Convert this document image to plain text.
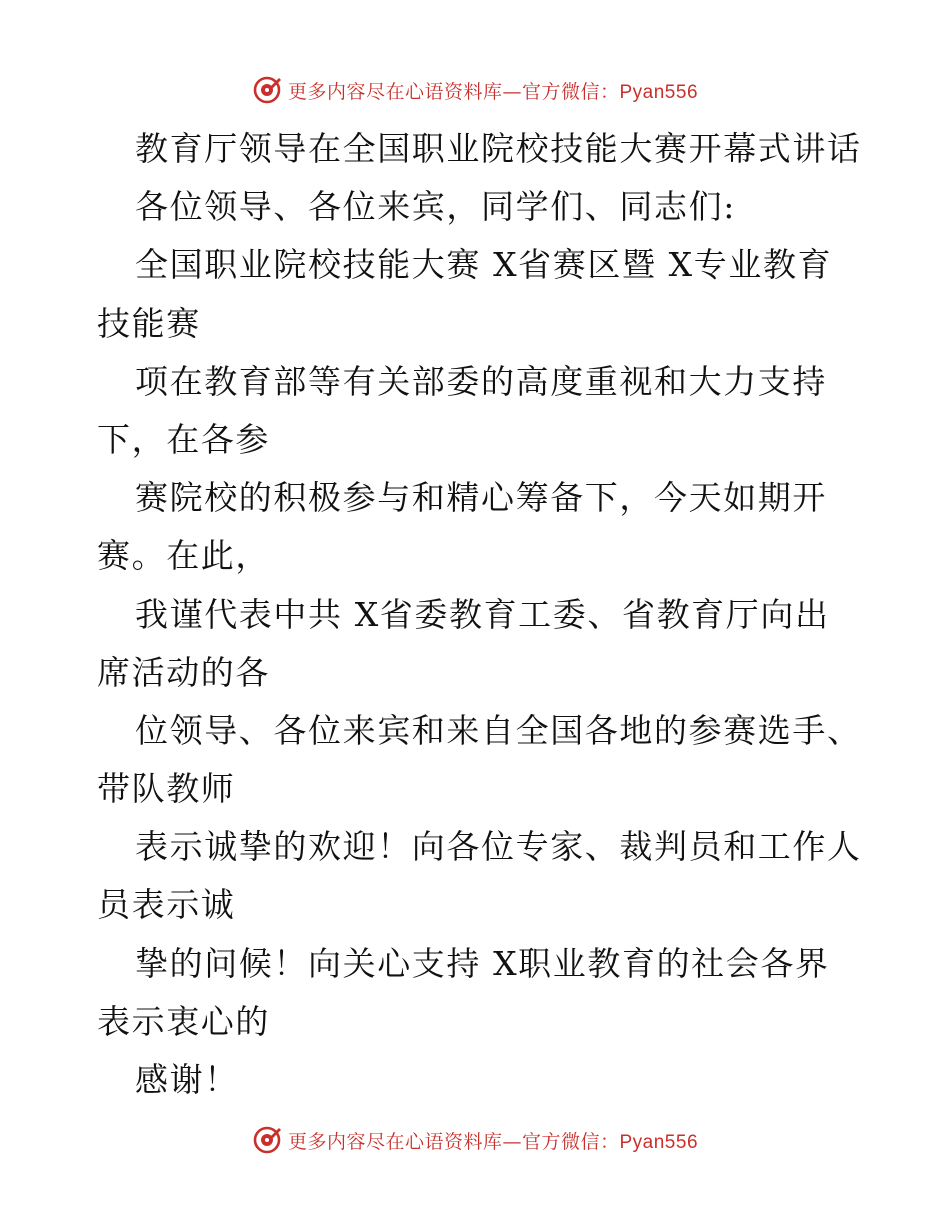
更多内容尽在心语资料库—官方微信：Pyan556
教育厅领导在全国职业院校技能大赛开幕式讲话
各位领导、各位来宾，同学们、同志们:
全国职业院校技能大赛 X省赛区暨 X专业教育
技能赛
项在教育部等有关部委的高度重视和大力支持
下，在各参
赛院校的积极参与和精心筹备下，今天如期开
赛。在此，
我谨代表中共 X省委教育工委、省教育厅向出
席活动的各
位领导、各位来宾和来自全国各地的参赛选手、
带队教师
表示诚挚的欢迎！向各位专家、裁判员和工作人
员表示诚
挚的问候！向关心支持 X职业教育的社会各界
表示衷心的
感谢！
更多内容尽在心语资料库—官方微信：Pyan556
